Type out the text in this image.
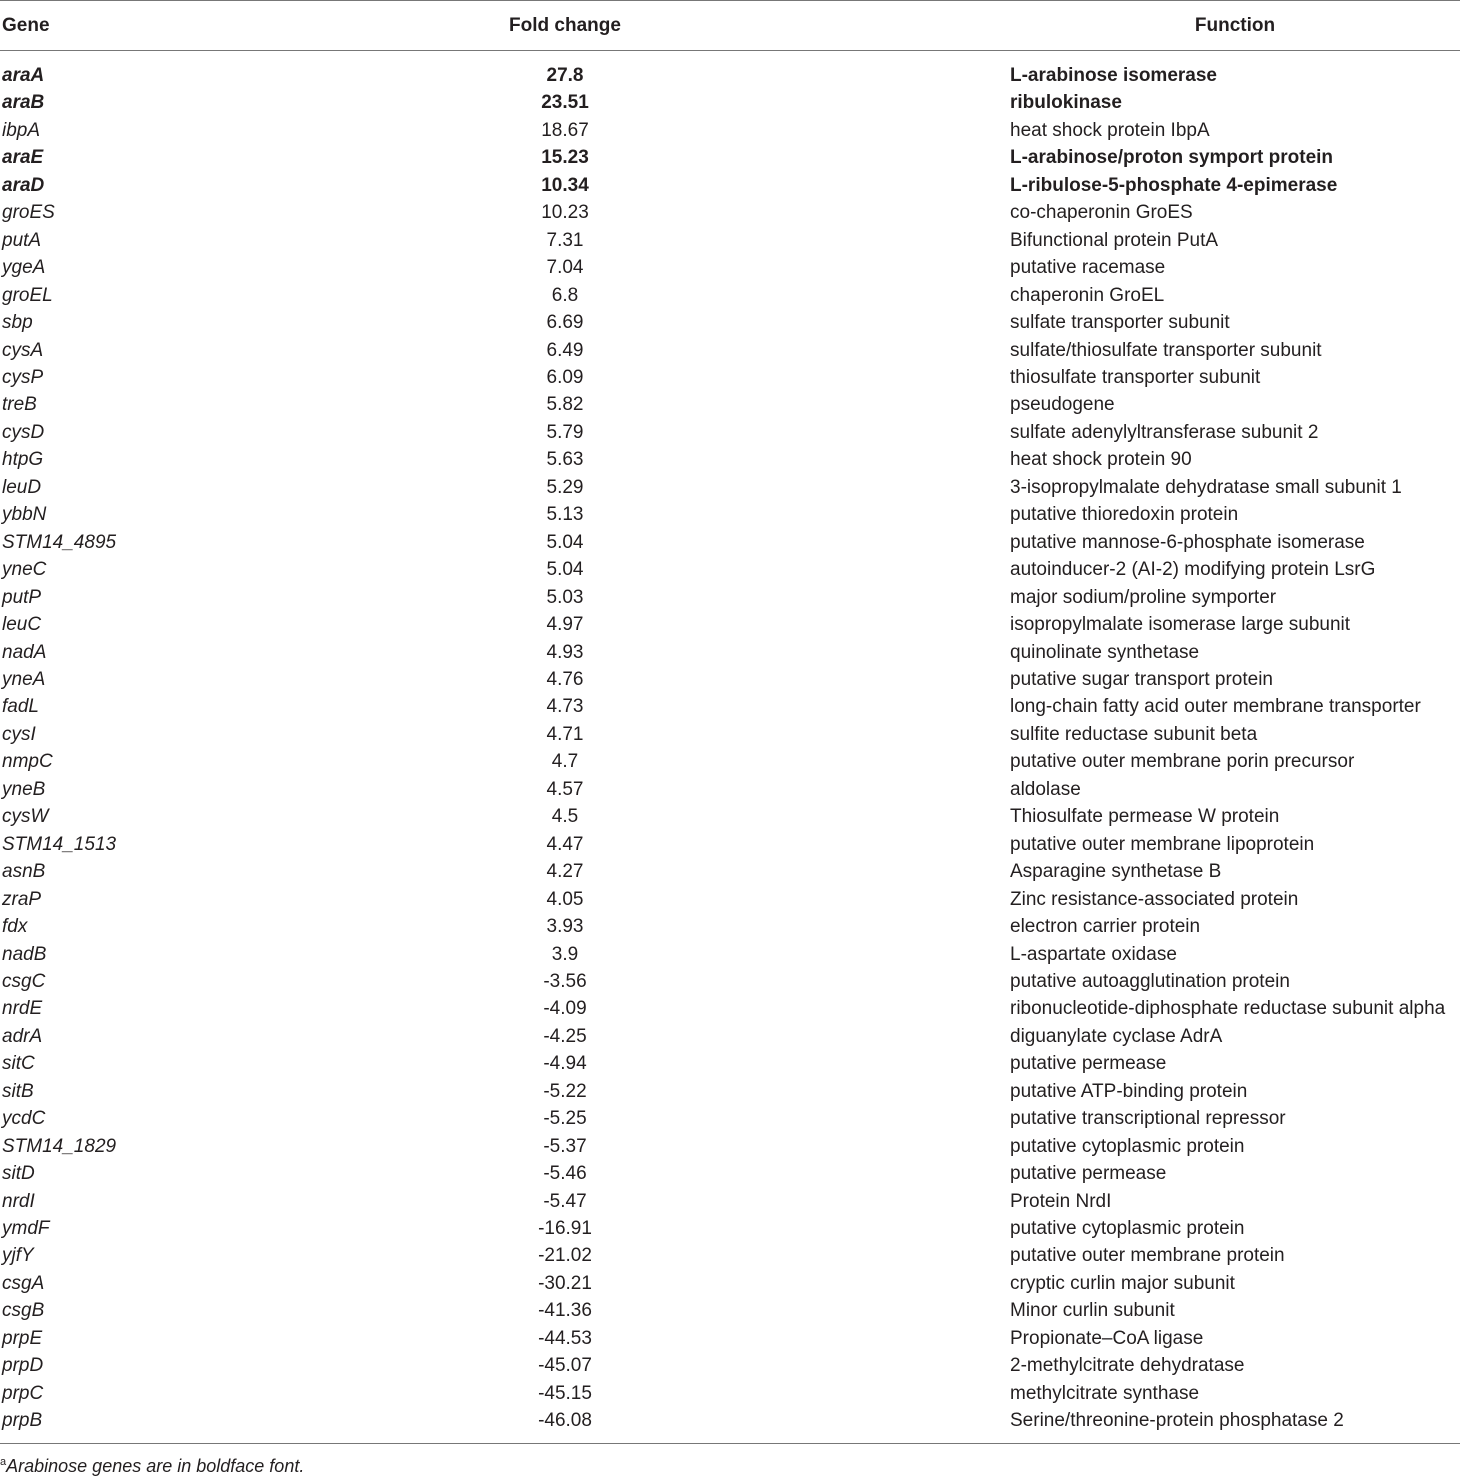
Gene	Fold change	Function
araA	27.8	L-arabinose isomerase
araB	23.51	ribulokinase
ibpA	18.67	heat shock protein IbpA
araE	15.23	L-arabinose/proton symport protein
araD	10.34	L-ribulose-5-phosphate 4-epimerase
groES	10.23	co-chaperonin GroES
putA	7.31	Bifunctional protein PutA
ygeA	7.04	putative racemase
groEL	6.8	chaperonin GroEL
sbp	6.69	sulfate transporter subunit
cysA	6.49	sulfate/thiosulfate transporter subunit
cysP	6.09	thiosulfate transporter subunit
treB	5.82	pseudogene
cysD	5.79	sulfate adenylyltransferase subunit 2
htpG	5.63	heat shock protein 90
leuD	5.29	3-isopropylmalate dehydratase small subunit 1
ybbN	5.13	putative thioredoxin protein
STM14_4895	5.04	putative mannose-6-phosphate isomerase
yneC	5.04	autoinducer-2 (AI-2) modifying protein LsrG
putP	5.03	major sodium/proline symporter
leuC	4.97	isopropylmalate isomerase large subunit
nadA	4.93	quinolinate synthetase
yneA	4.76	putative sugar transport protein
fadL	4.73	long-chain fatty acid outer membrane transporter
cysI	4.71	sulfite reductase subunit beta
nmpC	4.7	putative outer membrane porin precursor
yneB	4.57	aldolase
cysW	4.5	Thiosulfate permease W protein
STM14_1513	4.47	putative outer membrane lipoprotein
asnB	4.27	Asparagine synthetase B
zraP	4.05	Zinc resistance-associated protein
fdx	3.93	electron carrier protein
nadB	3.9	L-aspartate oxidase
csgC	-3.56	putative autoagglutination protein
nrdE	-4.09	ribonucleotide-diphosphate reductase subunit alpha
adrA	-4.25	diguanylate cyclase AdrA
sitC	-4.94	putative permease
sitB	-5.22	putative ATP-binding protein
ycdC	-5.25	putative transcriptional repressor
STM14_1829	-5.37	putative cytoplasmic protein
sitD	-5.46	putative permease
nrdI	-5.47	Protein NrdI
ymdF	-16.91	putative cytoplasmic protein
yjfY	-21.02	putative outer membrane protein
csgA	-30.21	cryptic curlin major subunit
csgB	-41.36	Minor curlin subunit
prpE	-44.53	Propionate–CoA ligase
prpD	-45.07	2-methylcitrate dehydratase
prpC	-45.15	methylcitrate synthase
prpB	-46.08	Serine/threonine-protein phosphatase 2
$^a$Arabinose genes are in boldface font.
